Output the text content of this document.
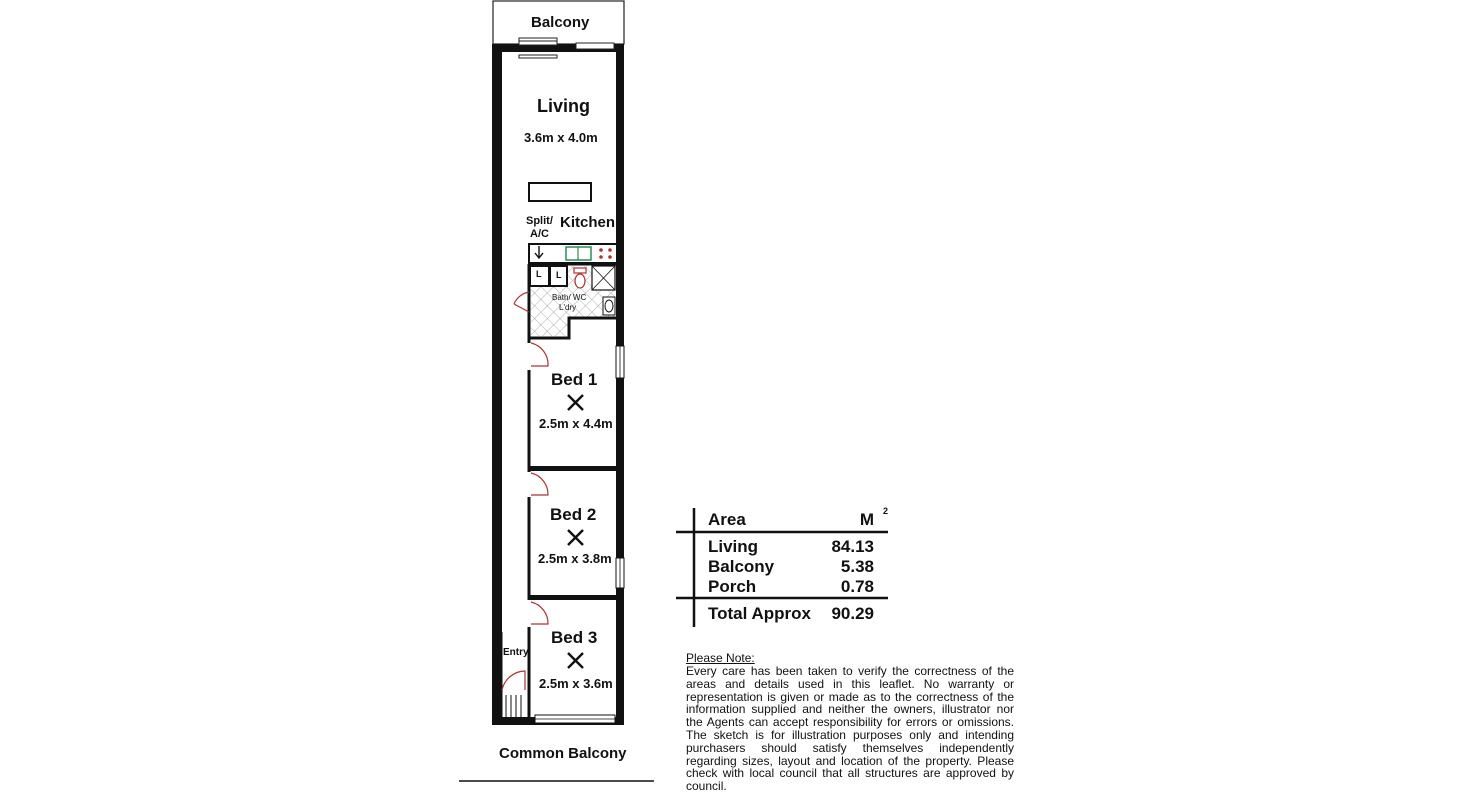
Balcony
Living
3.6m x 4.0m
Kitchen
Split/
A/C
L L
Bath/ WC
L'dry
Bed 1
2.5m x 4.4m
Bed 2
2.5m x 3.8m
Bed 3
2.5m x 3.6m
Entry
Common Balcony
Area	M 2
Living	84.13
Balcony	5.38
Porch	0.78
Total Approx 90.29
Please Note:
Every care has been taken to verify the correctness of the areas and details used in this leaflet. No warranty or representation is given or made as to the correctness of the information supplied and neither the owners, illustrator nor the Agents can accept responsibility for errors or omissions. The sketch is for illustration purposes only and intending purchasers should satisfy themselves independently regarding sizes, layout and location of the property. Please check with local council that all structures are approved by council.
